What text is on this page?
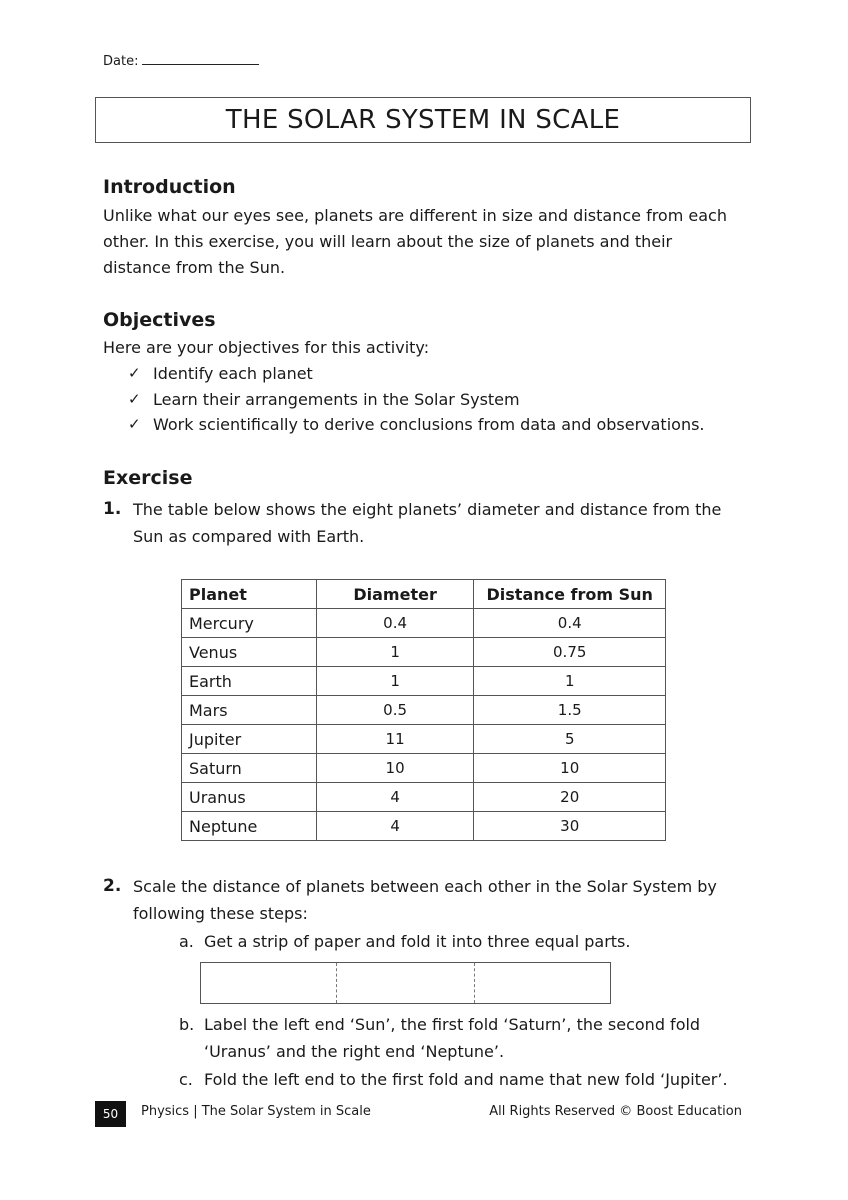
Date:
THE SOLAR SYSTEM IN SCALE
Introduction

Unlike what our eyes see, planets are different in size and distance from each other. In this exercise, you will learn about the size of planets and their distance from the Sun.

Objectives

Here are your objectives for this activity:

✓ Identify each planet
✓ Learn their arrangements in the Solar System
✓ Work scientifically to derive conclusions from data and observations.
Exercise
1. The table below shows the eight planets’ diameter and distance from the Sun as compared with Earth.

Planet	Diameter	Distance from Sun
Mercury	0.4	0.4
Venus	1	0.75
Earth	1	1
Mars	0.5	1.5
Jupiter	11	5
Saturn	10	10
Uranus	4	20
Neptune	4	30
2. Scale the distance of planets between each other in the Solar System by following these steps:

a. Get a strip of paper and fold it into three equal parts.
b. Label the left end ‘Sun’, the first fold ‘Saturn’, the second fold ‘Uranus’ and the right end ‘Neptune’.
c. Fold the left end to the first fold and name that new fold ‘Jupiter’.
50	Physics | The Solar System in Scale	All Rights Reserved © Boost Education
